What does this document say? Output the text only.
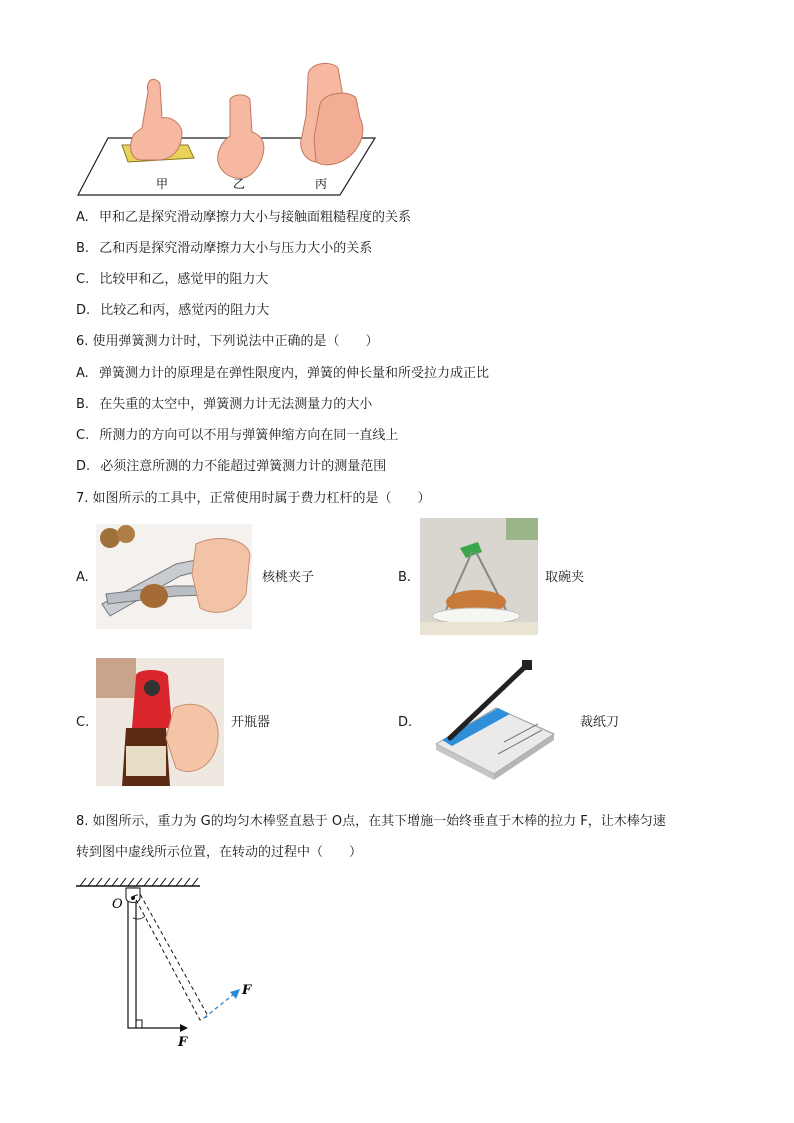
甲	乙	丙
A. 甲和乙是探究滑动摩擦力大小与接触面粗糙程度的关系
B. 乙和丙是探究滑动摩擦力大小与压力大小的关系
C. 比较甲和乙，感觉甲的阻力大
D. 比较乙和丙，感觉丙的阻力大
6. 使用弹簧测力计时，下列说法中正确的是（　　）
A. 弹簧测力计的原理是在弹性限度内，弹簧的伸长量和所受拉力成正比
B. 在失重的太空中，弹簧测力计无法测量力的大小
C. 所测力的方向可以不用与弹簧伸缩方向在同一直线上
D. 必须注意所测的力不能超过弹簧测力计的测量范围
7. 如图所示的工具中，正常使用时属于费力杠杆的是（　　）
A.	核桃夹子	B.	取碗夹
C.	开瓶器	D.	裁纸刀
8. 如图所示，重力为 G的均匀木棒竖直悬于 O点，在其下增施一始终垂直于木棒的拉力 F，让木棒匀速
转到图中虚线所示位置，在转动的过程中（　　）
O
F
F
